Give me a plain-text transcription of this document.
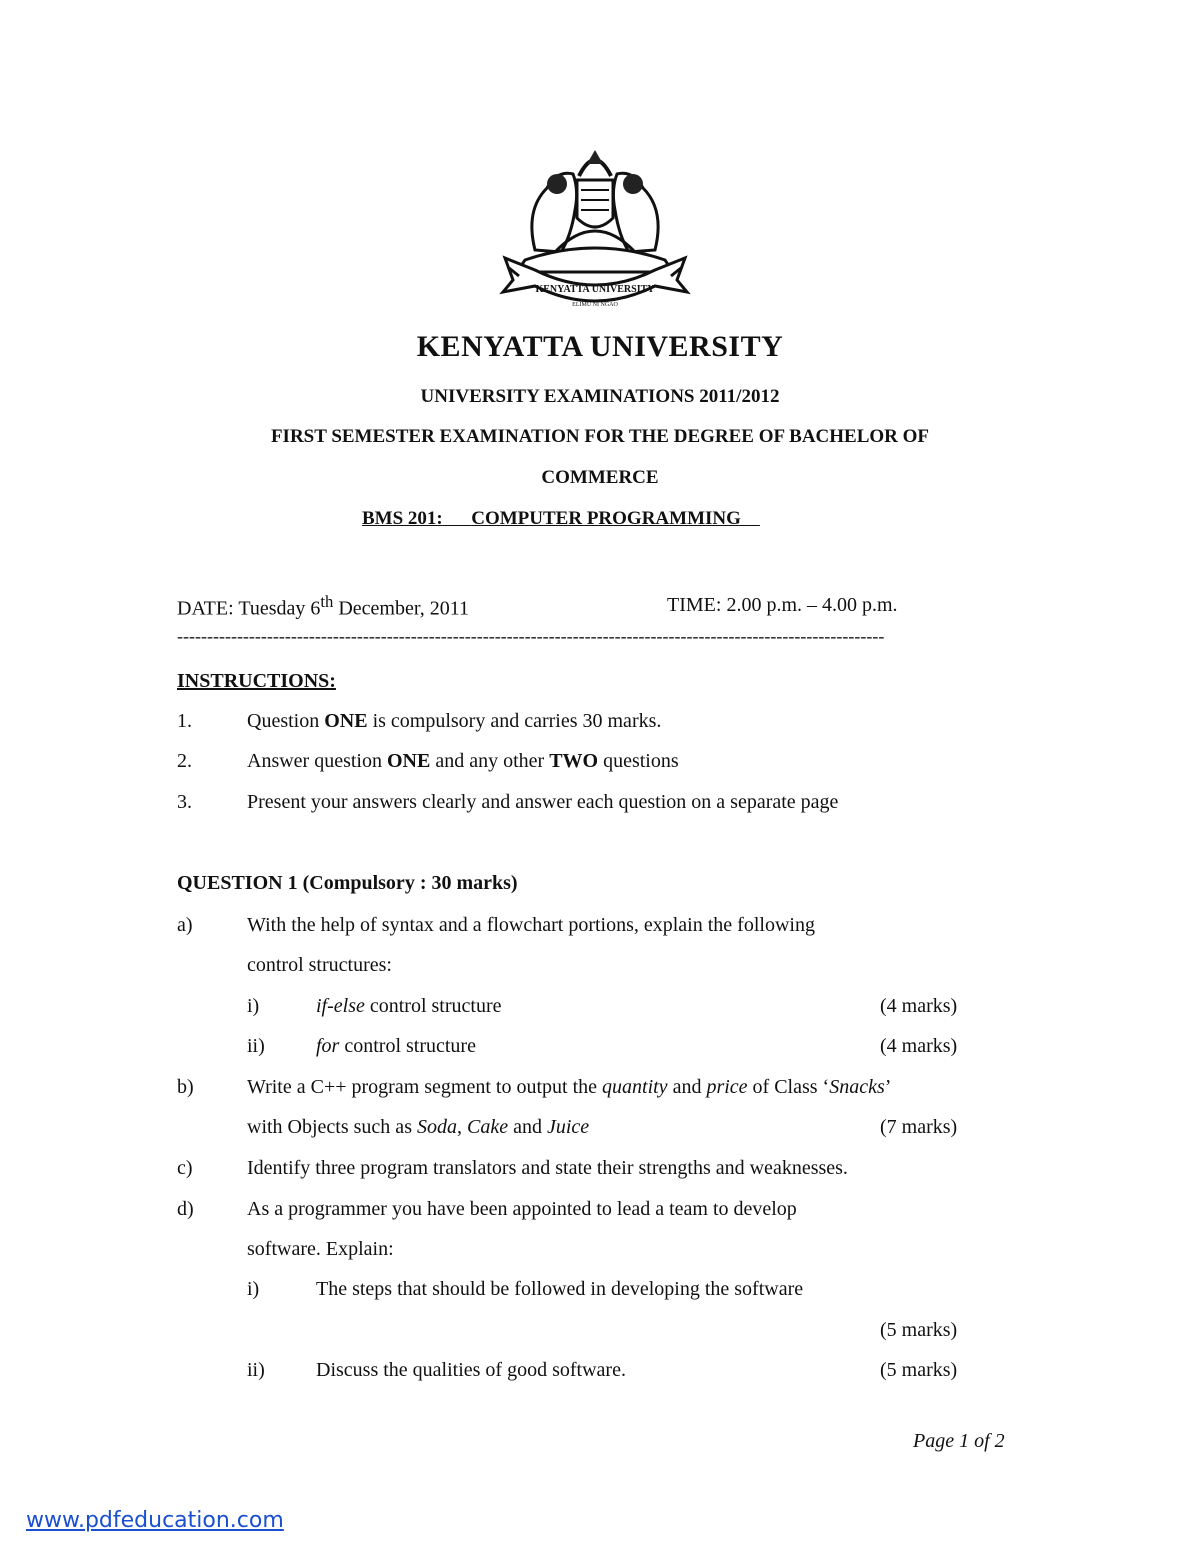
KENYATTA UNIVERSITY
ELIMU NI NGAO
KENYATTA UNIVERSITY
UNIVERSITY EXAMINATIONS 2011/2012
FIRST SEMESTER EXAMINATION FOR THE DEGREE OF BACHELOR OF
COMMERCE
BMS 201: COMPUTER PROGRAMMING
DATE: Tuesday 6th December, 2011	TIME: 2.00 p.m. – 4.00 p.m.
----------------------------------------------------------------------------------------------------------------------
INSTRUCTIONS:
1.	Question ONE is compulsory and carries 30 marks.
2.	Answer question ONE and any other TWO questions
3.	Present your answers clearly and answer each question on a separate page
QUESTION 1 (Compulsory : 30 marks)
a)	With the help of syntax and a flowchart portions, explain the following
control structures:
i)	if-else control structure	(4 marks)
ii)	for control structure	(4 marks)
b)	Write a C++ program segment to output the quantity and price of Class ‘Snacks’
with Objects such as Soda, Cake and Juice	(7 marks)
c)	Identify three program translators and state their strengths and weaknesses.
d)	As a programmer you have been appointed to lead a team to develop
software. Explain:
i)	The steps that should be followed in developing the software
(5 marks)
ii)	Discuss the qualities of good software.	(5 marks)
Page 1 of 2
www.pdfeducation.com
